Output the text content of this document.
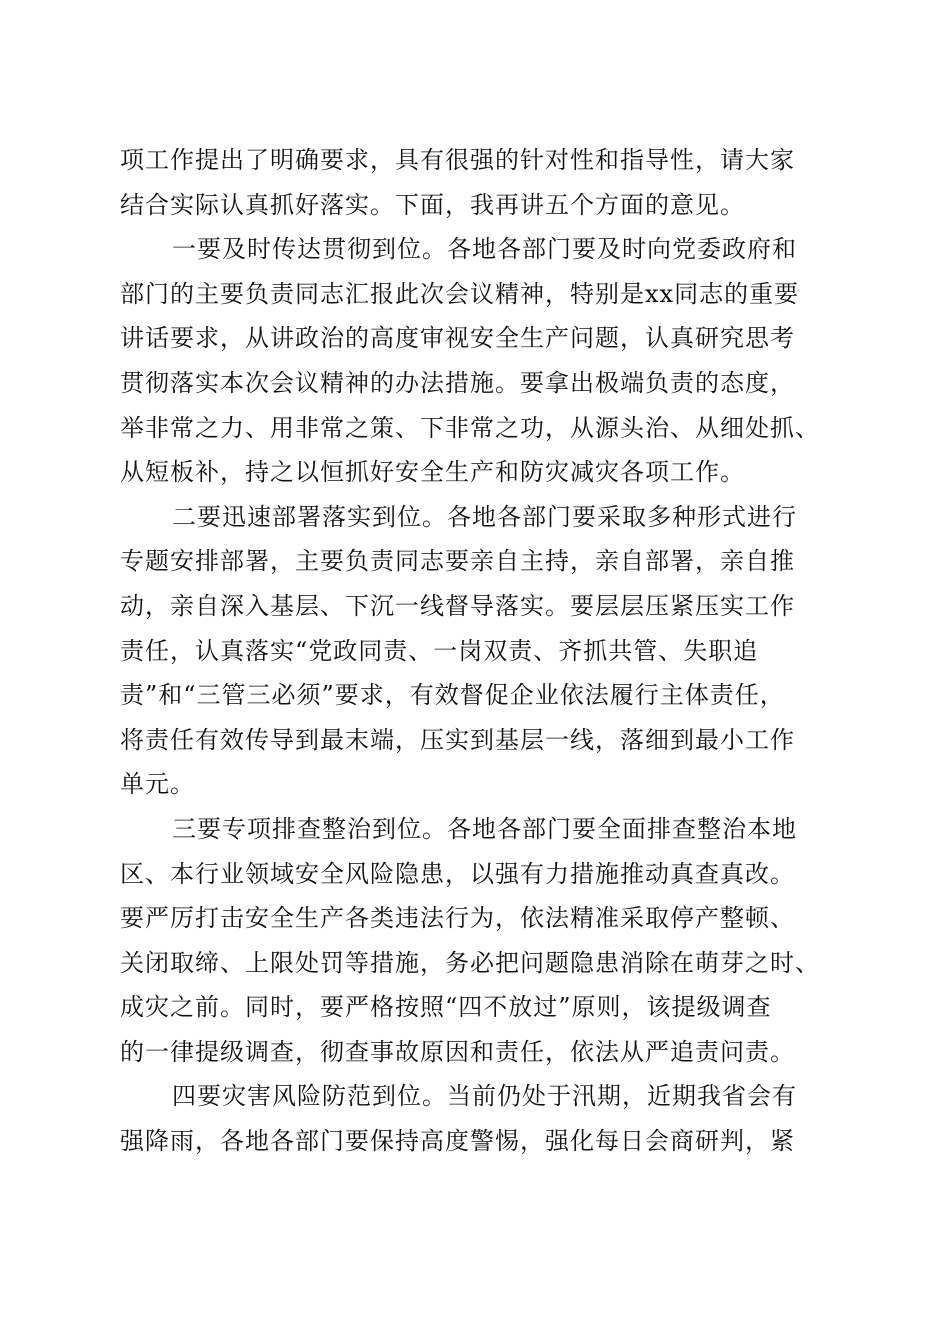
项工作提出了明确要求，具有很强的针对性和指导性，请大家
结合实际认真抓好落实。下面，我再讲五个方面的意见。
一要及时传达贯彻到位。各地各部门要及时向党委政府和
部门的主要负责同志汇报此次会议精神，特别是xx同志的重要
讲话要求，从讲政治的高度审视安全生产问题，认真研究思考
贯彻落实本次会议精神的办法措施。要拿出极端负责的态度，
举非常之力、用非常之策、下非常之功，从源头治、从细处抓、
从短板补，持之以恒抓好安全生产和防灾减灾各项工作。
二要迅速部署落实到位。各地各部门要采取多种形式进行
专题安排部署，主要负责同志要亲自主持，亲自部署，亲自推
动，亲自深入基层、下沉一线督导落实。要层层压紧压实工作
责任，认真落实“党政同责、一岗双责、齐抓共管、失职追
责”和“三管三必须”要求，有效督促企业依法履行主体责任，
将责任有效传导到最末端，压实到基层一线，落细到最小工作
单元。
三要专项排查整治到位。各地各部门要全面排查整治本地
区、本行业领域安全风险隐患，以强有力措施推动真查真改。
要严厉打击安全生产各类违法行为，依法精准采取停产整顿、
关闭取缔、上限处罚等措施，务必把问题隐患消除在萌芽之时、
成灾之前。同时，要严格按照“四不放过”原则，该提级调查
的一律提级调查，彻查事故原因和责任，依法从严追责问责。
四要灾害风险防范到位。当前仍处于汛期，近期我省会有
强降雨，各地各部门要保持高度警惕，强化每日会商研判，紧
